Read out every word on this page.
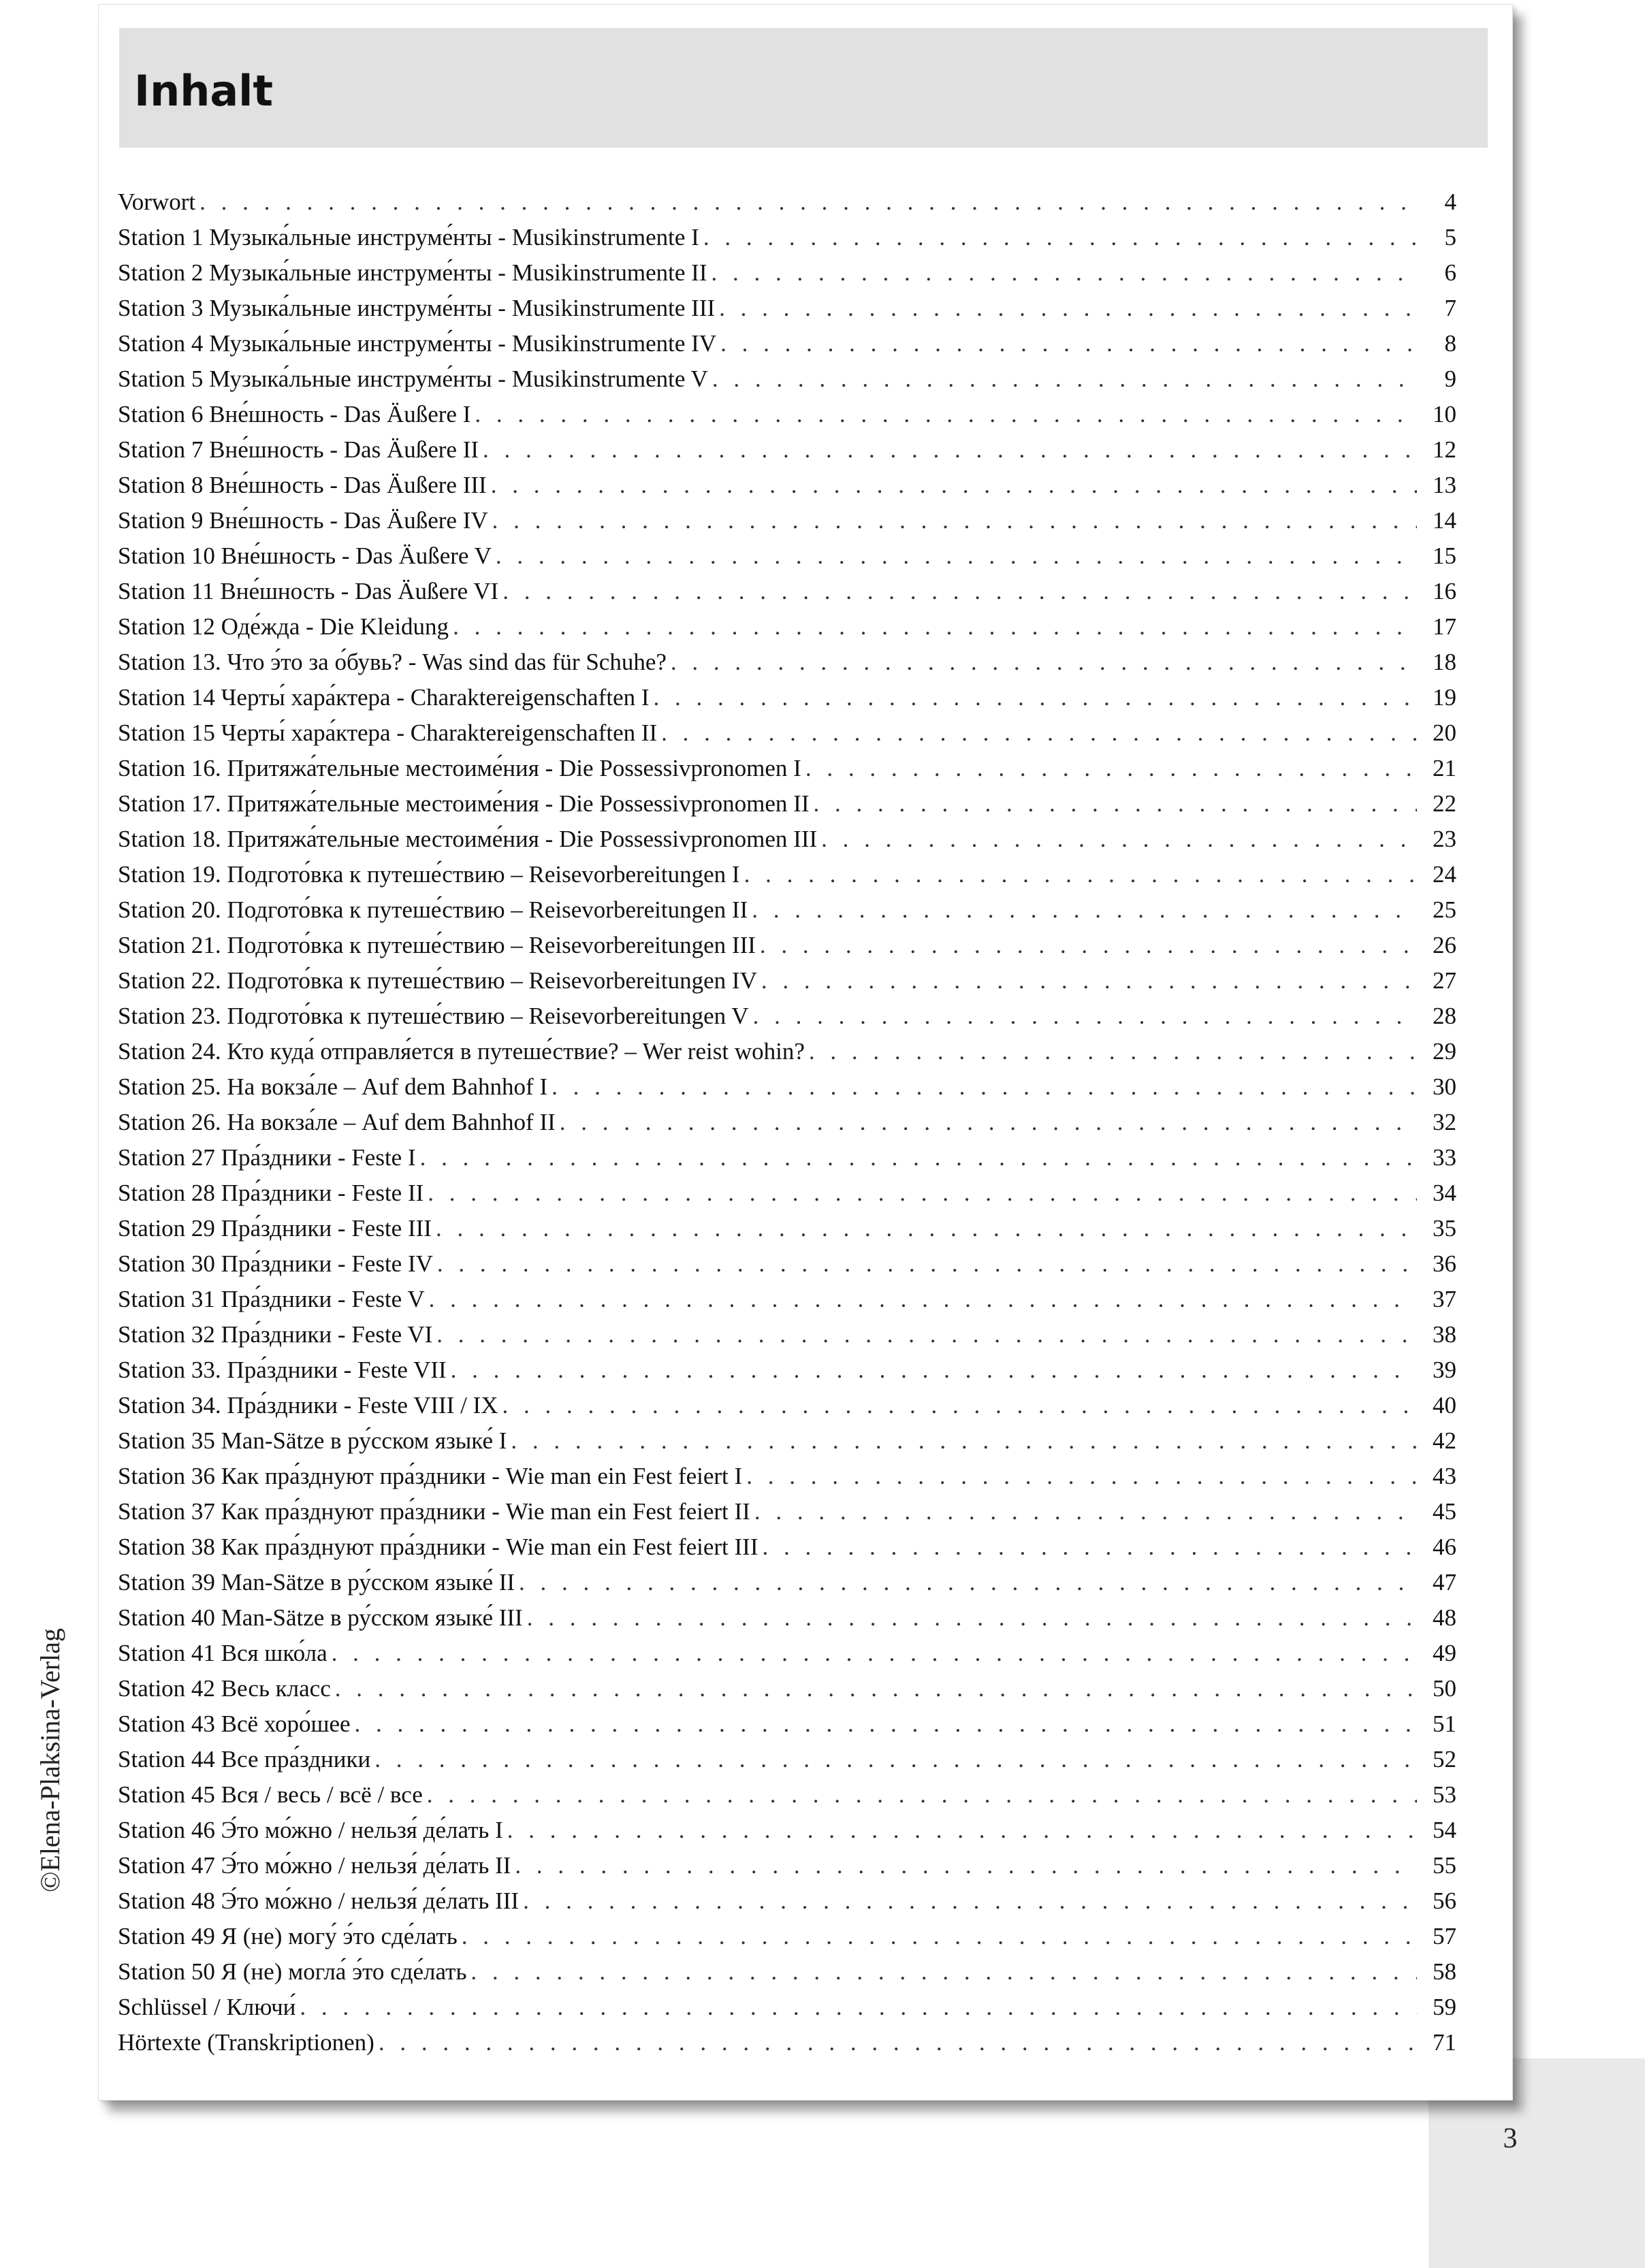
3
©Elena-Plaksina-Verlag
Inhalt
Vorwort . . .	4
Station 1 Музыка́льные инструме́нты - Musikinstrumente I . . .	5
Station 2 Музыка́льные инструме́нты - Musikinstrumente II . . .	6
Station 3 Музыка́льные инструме́нты - Musikinstrumente III . . .	7
Station 4 Музыка́льные инструме́нты - Musikinstrumente IV . . .	8
Station 5 Музыка́льные инструме́нты - Musikinstrumente V . . .	9
Station 6 Вне́шность - Das Äußere I . . .	10
Station 7 Вне́шность - Das Äußere II . . .	12
Station 8 Вне́шность - Das Äußere III . . .	13
Station 9 Вне́шность - Das Äußere IV . . .	14
Station 10 Вне́шность - Das Äußere V . . .	15
Station 11 Вне́шность - Das Äußere VI . . .	16
Station 12 Оде́жда - Die Kleidung . . .	17
Station 13. Что э́то за о́бувь? - Was sind das für Schuhe? . . .	18
Station 14 Черты́ хара́ктера - Charaktereigenschaften I . . .	19
Station 15 Черты́ хара́ктера - Charaktereigenschaften II . . .	20
Station 16. Притяжа́тельные местоиме́ния - Die Possessivpronomen I . . .	21
Station 17. Притяжа́тельные местоиме́ния - Die Possessivpronomen II . . .	22
Station 18. Притяжа́тельные местоиме́ния - Die Possessivpronomen III . . .	23
Station 19. Подгото́вка к путеше́ствию – Reisevorbereitungen I . . .	24
Station 20. Подгото́вка к путеше́ствию – Reisevorbereitungen II . . .	25
Station 21. Подгото́вка к путеше́ствию – Reisevorbereitungen III . . .	26
Station 22. Подгото́вка к путеше́ствию – Reisevorbereitungen IV . . .	27
Station 23. Подгото́вка к путеше́ствию – Reisevorbereitungen V . . .	28
Station 24. Кто куда́ отправля́ется в путеше́ствие? – Wer reist wohin? . . .	29
Station 25. На вокза́ле – Auf dem Bahnhof I . . .	30
Station 26. На вокза́ле – Auf dem Bahnhof II . . .	32
Station 27 Пра́здники - Feste I . . .	33
Station 28 Пра́здники - Feste II . . .	34
Station 29 Пра́здники - Feste III . . .	35
Station 30 Пра́здники - Feste IV . . .	36
Station 31 Пра́здники - Feste V . . .	37
Station 32 Пра́здники - Feste VI . . .	38
Station 33. Пра́здники - Feste VII . . .	39
Station 34. Пра́здники - Feste VIII / IX . . .	40
Station 35 Man-Sätze в ру́сском языке́ I . . .	42
Station 36 Как пра́зднуют пра́здники - Wie man ein Fest feiert I . . .	43
Station 37 Как пра́зднуют пра́здники - Wie man ein Fest feiert II . . .	45
Station 38 Как пра́зднуют пра́здники - Wie man ein Fest feiert III . . .	46
Station 39 Man-Sätze в ру́сском языке́ II . . .	47
Station 40 Man-Sätze в ру́сском языке́ III . . .	48
Station 41 Вся шко́ла . . .	49
Station 42 Весь класс . . .	50
Station 43 Всё хоро́шее . . .	51
Station 44 Все пра́здники . . .	52
Station 45 Вся / весь / всё / все . . .	53
Station 46 Э́то мо́жно / нельзя́ де́лать I . . .	54
Station 47 Э́то мо́жно / нельзя́ де́лать II . . .	55
Station 48 Э́то мо́жно / нельзя́ де́лать III . . .	56
Station 49 Я (не) могу́ э́то сде́лать . . .	57
Station 50 Я (не) могла́ э́то сде́лать . . .	58
Schlüssel / Ключи́ . . .	59
Hörtexte (Transkriptionen) . . .	71
